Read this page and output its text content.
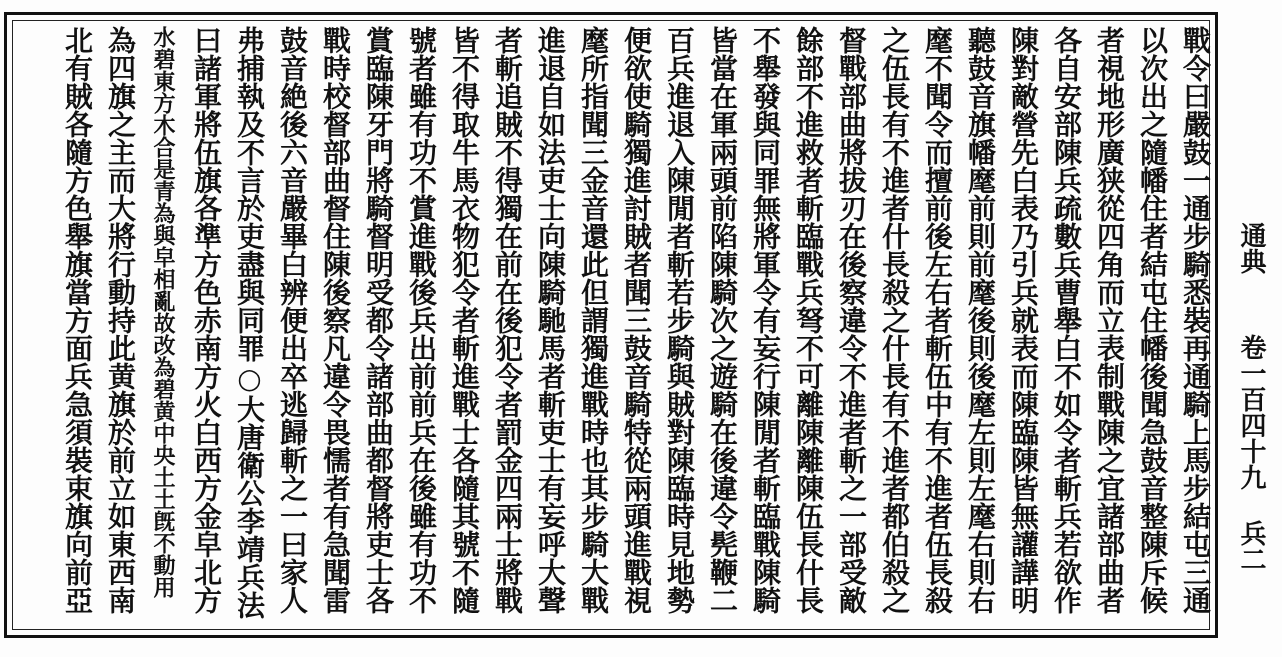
通典卷一百四十九兵二
戰令曰嚴鼓一通步騎悉裝再通騎上馬步結屯三通
以次出之隨幡住者結屯住幡後聞急鼓音整陳斥候
者視地形廣狭從四角而立表制戰陳之宜諸部曲者
各自安部陳兵疏數兵曹舉白不如令者斬兵若欲作
陳對敵營先白表乃引兵就表而陳臨陳皆無讙譁明
聽鼓音旗幡麾前則前麾後則後麾左則左麾右則右
麾不聞令而擅前後左右者斬伍中有不進者伍長殺
之伍長有不進者什長殺之什長有不進者都伯殺之
督戰部曲將拔刃在後察違令不進者斬之一部受敵
餘部不進救者斬臨戰兵弩不可離陳離陳伍長什長
不舉發與同罪無將軍令有妄行陳閒者斬臨戰陳騎
皆當在軍兩頭前陷陳騎次之遊騎在後違令髡鞭二
百兵進退入陳閒者斬若步騎與賊對陳臨時見地勢
便欲使騎獨進討賊者聞三鼓音騎特從兩頭進戰視
麾所指聞三金音還此但謂獨進戰時也其步騎大戰
進退自如法吏士向陳騎馳馬者斬吏士有妄呼大聲
者斬追賊不得獨在前在後犯令者罰金四兩士將戰
皆不得取牛馬衣物犯令者斬進戰士各隨其號不隨
號者雖有功不賞進戰後兵出前前兵在後雖有功不
賞臨陳牙門將騎督明受都令諸部曲都督將吏士各
戰時校督部曲督住陳後察凡違令畏懦者有急聞雷
鼓音絶後六音嚴畢白辨便出卒逃歸斬之一曰家人
弗捕執及不言於吏盡與同罪○大唐衛公李靖兵法
曰諸軍將伍旗各準方色赤南方火白西方金皁北方
水碧東方木合是青為與皁相亂故改為碧黄中央土土旣不動用
為四旗之主而大將行動持此黄旗於前立如東西南
北有賊各隨方色舉旗當方面兵急須裝束旗向前亞
